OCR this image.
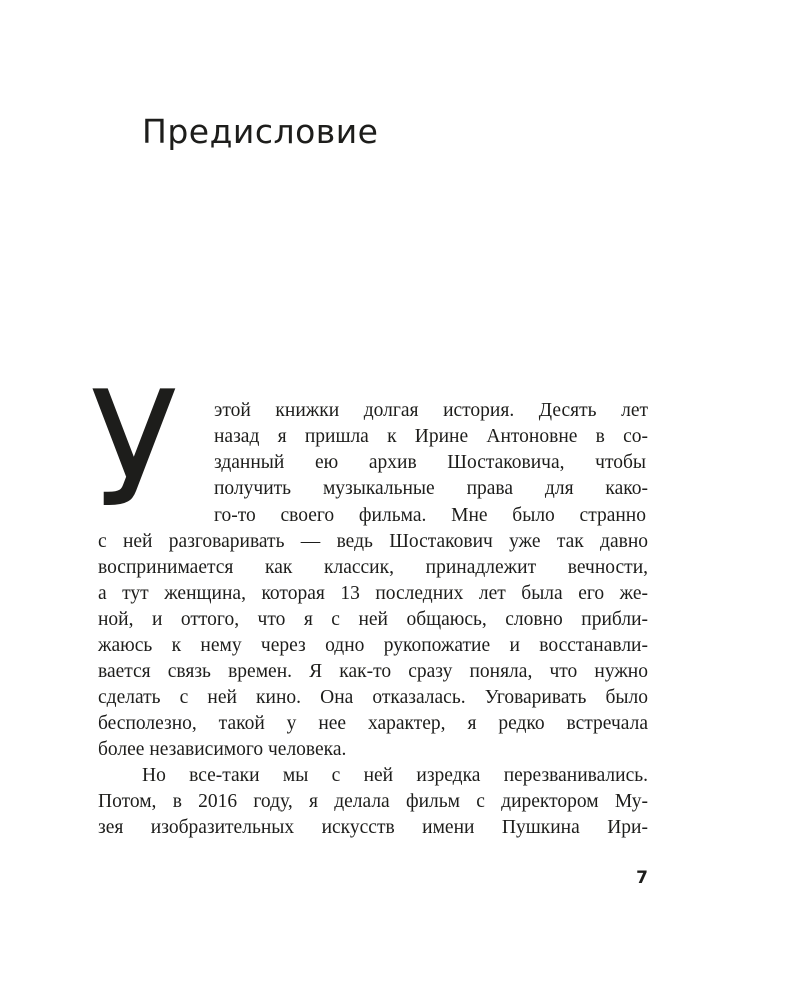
Предисловие
У этой книжки долгая история. Десять лет
назад я пришла к Ирине Антоновне в со-
зданный ею архив Шостаковича, чтобы
получить музыкальные права для како-
го-то своего фильма. Мне было странно
с ней разговаривать — ведь Шостакович уже так давно
воспринимается как классик, принадлежит вечности,
а тут женщина, которая 13 последних лет была его же-
ной, и оттого, что я с ней общаюсь, словно прибли-
жаюсь к нему через одно рукопожатие и восстанавли-
вается связь времен. Я как-то сразу поняла, что нужно
сделать с ней кино. Она отказалась. Уговаривать было
бесполезно, такой у нее характер, я редко встречала
более независимого человека.
Но все-таки мы с ней изредка перезванивались.
Потом, в 2016 году, я делала фильм с директором Му-
зея изобразительных искусств имени Пушкина Ири-
7
